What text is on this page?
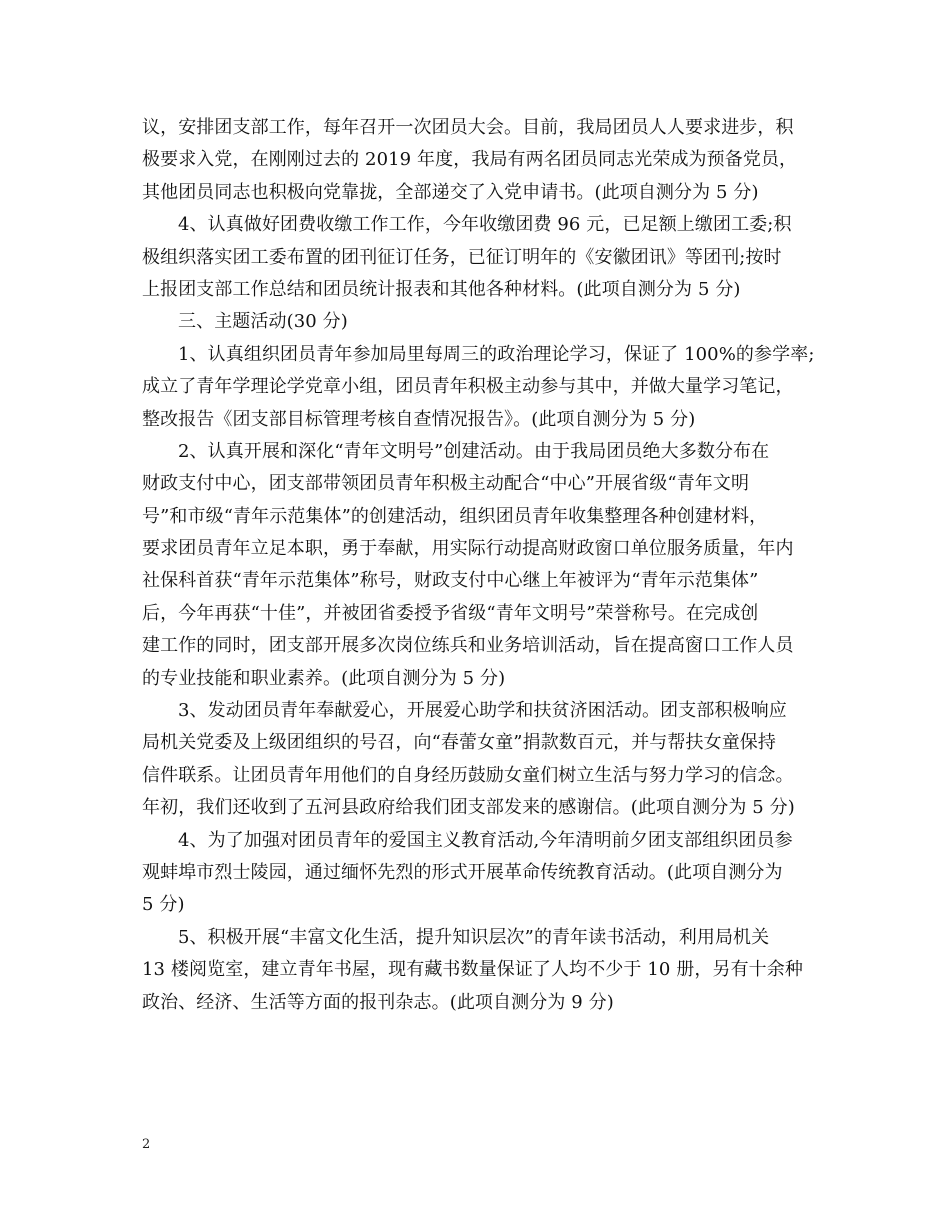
议，安排团支部工作，每年召开一次团员大会。目前，我局团员人人要求进步，积
极要求入党，在刚刚过去的 2019 年度，我局有两名团员同志光荣成为预备党员，
其他团员同志也积极向党靠拢，全部递交了入党申请书。(此项自测分为 5 分)
4、认真做好团费收缴工作工作，今年收缴团费 96 元，已足额上缴团工委;积
极组织落实团工委布置的团刊征订任务，已征订明年的《安徽团讯》等团刊;按时
上报团支部工作总结和团员统计报表和其他各种材料。(此项自测分为 5 分)
三、主题活动(30 分)
1、认真组织团员青年参加局里每周三的政治理论学习，保证了 100%的参学率;
成立了青年学理论学党章小组，团员青年积极主动参与其中，并做大量学习笔记，
整改报告《团支部目标管理考核自查情况报告》。(此项自测分为 5 分)
2、认真开展和深化“青年文明号”创建活动。由于我局团员绝大多数分布在
财政支付中心，团支部带领团员青年积极主动配合“中心”开展省级“青年文明
号”和市级“青年示范集体”的创建活动，组织团员青年收集整理各种创建材料，
要求团员青年立足本职，勇于奉献，用实际行动提高财政窗口单位服务质量，年内
社保科首获“青年示范集体”称号，财政支付中心继上年被评为“青年示范集体”
后，今年再获“十佳”，并被团省委授予省级“青年文明号”荣誉称号。在完成创
建工作的同时，团支部开展多次岗位练兵和业务培训活动，旨在提高窗口工作人员
的专业技能和职业素养。(此项自测分为 5 分)
3、发动团员青年奉献爱心，开展爱心助学和扶贫济困活动。团支部积极响应
局机关党委及上级团组织的号召，向“春蕾女童”捐款数百元，并与帮扶女童保持
信件联系。让团员青年用他们的自身经历鼓励女童们树立生活与努力学习的信念。
年初，我们还收到了五河县政府给我们团支部发来的感谢信。(此项自测分为 5 分)
4、为了加强对团员青年的爱国主义教育活动,今年清明前夕团支部组织团员参
观蚌埠市烈士陵园，通过缅怀先烈的形式开展革命传统教育活动。(此项自测分为
5 分)
5、积极开展“丰富文化生活，提升知识层次”的青年读书活动，利用局机关
13 楼阅览室，建立青年书屋，现有藏书数量保证了人均不少于 10 册，另有十余种
政治、经济、生活等方面的报刊杂志。(此项自测分为 9 分)
2
